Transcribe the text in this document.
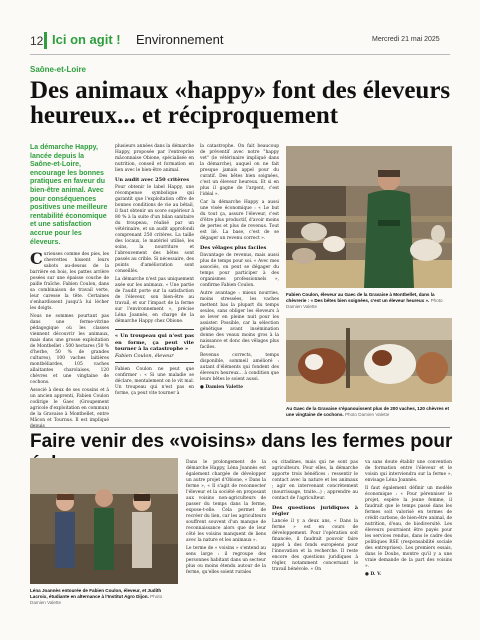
12 Ici on agit ! Environnement	Mercredi 21 mai 2025
Saône-et-Loire
Des animaux «happy» font des éleveurs heureux... et réciproquement
La démarche Happy, lancée depuis la Saône-et-Loire, encourage les bonnes pratiques en faveur du bien-être animal. Avec pour conséquences positives une meilleure rentabilité économique et une satisfaction accrue pour les éleveurs.

Curieuses comme des pies, les chevrettes hissent leurs sabots au-dessus de la barrière en bois, les pattes arrière posées sur une épaisse couche de paille fraîche. Fabien Coulon, dans sa combinaison de travail verte, leur caresse la tête. Certaines s'enhardissent jusqu'à lui lécher les doigts.

Nous ne sommes pourtant pas dans une ferme-vitrine pédagogique où les classes viennent découvrir les animaux, mais dans une grosse exploitation de Montbellet : 500 hectares (50 % d'herbe, 50 % de grandes cultures), 100 vaches laitières montbéliardes, 105 vaches allaitantes charolaises, 120 chèvres et une vingtaine de cochons.

Associé à deux de ses cousins et à un ancien apprenti, Fabien Coulon codirige le Gaec (Groupement agricole d'exploitation en commun) de la Gravaise à Montbellet, entre Mâcon et Tournus. Il est impliqué

plusieurs années dans la démarche Happy, proposée par l'entreprise mâconnaise Obione, spécialisée en nutrition, conseil et formation en lien avec le bien-être animal.

Un audit avec 250 critères

Pour obtenir le label Happy, une récompense symbolique qui garantit que l'exploitation offre de bonnes conditions de vie au bétail, il faut obtenir un score supérieur à 80 % à la suite d'un bilan sanitaire du troupeau, réalisé par un vétérinaire, et un audit approfondi comprenant 250 critères. La taille des locaux, le matériel utilisé, les soins, la nourriture et l'abreuvement des bêtes sont passés au crible. Si nécessaire, des points d'amélioration sont conseillés.

La démarche n'est pas uniquement axée sur les animaux. « Une partie de l'audit porte sur la satisfaction de l'éleveur, son bien-être au travail, et sur l'impact de la ferme sur l'environnement », précise Léna Joannès, en charge de la démarche Happy chez Obione.

« Un troupeau qui n'est pas en forme, ça peut vite tourner à la catastrophe »
Fabien Coulon, éleveur

Fabien Coulon ne peut que confirmer : « Si une maladie se déclare, mentalement on le vit mal. Un troupeau qui n'est pas en forme, ça peut vite tourner à

la catastrophe. On fait beaucoup de préventif avec notre "happy vet" (le vétérinaire impliqué dans la démarche), auquel on ne fait presque jamais appel pour du curatif. Des bêtes bien soignées, c'est un éleveur heureux. Et si en plus il gagne de l'argent, c'est l'idéal ».

Car la démarche Happy a aussi une visée économique : « Le but du tout ça, assure l'éleveur, c'est d'être plus productif, d'avoir moins de pertes et plus de revenus. Tout est lié. La base, c'est de se dégager un revenu correct ».

Des vêlages plus faciles

Davantage de revenus, mais aussi plus de temps pour soi. « Avec mes associés, on peut se dégager du temps pour participer à des organismes professionnels », confirme Fabien Coulon.

Autre avantage : mieux nourries, moins stressées, les vaches mettent bas la plupart du temps seules, sans obliger les éleveurs à se lever en pleine nuit pour les assister. Possible, car la sélection génétique avant insémination donne des veaux moins gros à la naissance et donc des vêlages plus faciles.

Revenus corrects, temps disponible, sommeil amélioré : autant d'éléments qui fondent des éleveurs heureux... à condition que leurs bêtes le soient aussi.

● Damien Valette

Fabien Coulon, éleveur au Gaec de la Gravaise à Montbellet, dans la chèvrerie : « Des bêtes bien soignées, c'est un éleveur heureux ». Photo Damien Valette
Au Gaec de la Gravaise s'épanouissent plus de 200 vaches, 120 chèvres et une vingtaine de cochons. Photo Damien Valette
Faire venir des «voisins» dans les fermes pour
Léna Joannès entourée de Fabien Coulon, éleveur, et Judith Lacroix, étudiante en alternance à l'Institut Agro Dijon. Photo Damien Valette

Dans le prolongement de la démarche Happy, Léna Joannès est également chargée de développer un autre projet d'Obione, « Dans la ferme », « Il s'agit de reconnecter l'éleveur et la société en proposant aux voisins non-agriculteurs de passer du temps dans la ferme, expose-t-elle. Cela permet de recréer du lien, car les agriculteurs souffrent souvent d'un manque de reconnaissance alors que de leur côté les voisins manquent de liens avec la nature et les animaux ».

Le terme de « voisins » s'entend au sens large : il regroupe des personnes habitant dans un secteur plus ou moins étendu autour de la ferme, qu'elles soient rurales

ou citadines, mais qui ne sont pas agriculteurs. Pour elles, la démarche apporte trois bénéfices : ressentir le contact avec la nature et les animaux ; agir en intervenant concrètement (nourrissage, traite...) ; apprendre au contact de l'agriculteur.

Des questions juridiques à régler

Lancée il y a deux ans, « Dans la ferme » est en cours de développement. Pour l'opération soit financée, il faudrait pouvoir faire appel à des fonds européens pour l'innovation et la recherche. Il reste encore des questions juridiques à régler, notamment concernant le travail bénévole. « On

va sans doute établir une convention de formation entre l'éleveur et le voisin qui interviendra sur la ferme », envisage Léna Joannès.

Il faut également définir un modèle économique : « Pour pérenniser le projet, espère la jeune femme, il faudrait que le temps passé dans les fermes soit valorisé en termes de crédit carbone, de bien-être animal, de nutrition, d'eau, de biodiversité. Les éleveurs pourraient être payés pour les services rendus, dans le cadre des politiques RSE (responsabilité sociale des entreprises). Les premiers essais, dans le Doubs, montre qu'il y a une vraie demande de la part des voisins ».

● D. V.
